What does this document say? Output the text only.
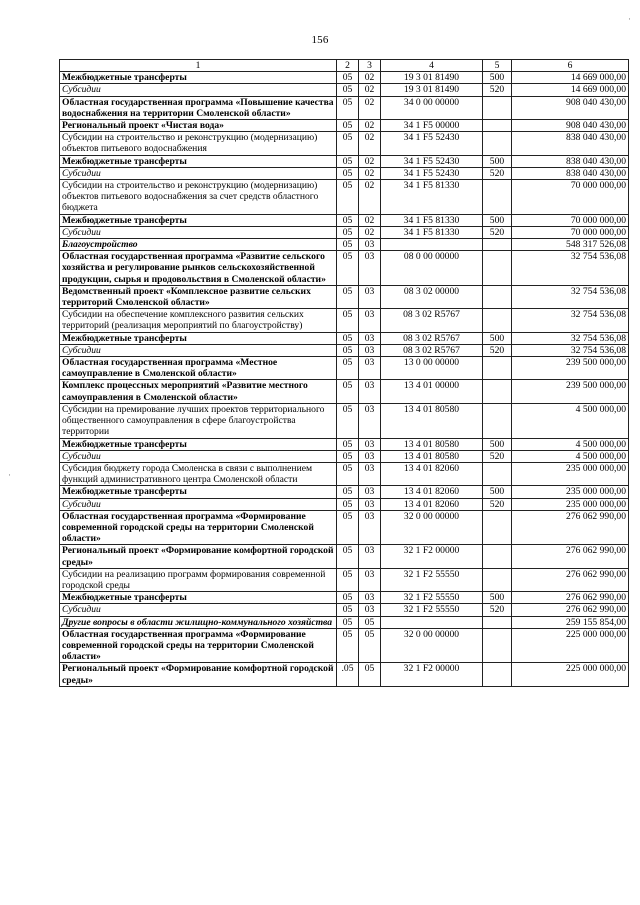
156
1	2	3	4	5	6
Межбюджетные трансферты	05	02	19 3 01 81490	500	14 669 000,00
Субсидии	05	02	19 3 01 81490	520	14 669 000,00
Областная государственная программа «Повышение качества водоснабжения на территории Смоленской области»	05	02	34 0 00 00000		908 040 430,00
Региональный проект «Чистая вода»	05	02	34 1 F5 00000		908 040 430,00
Субсидии на строительство и реконструкцию (модернизацию) объектов питьевого водоснабжения	05	02	34 1 F5 52430		838 040 430,00
Межбюджетные трансферты	05	02	34 1 F5 52430	500	838 040 430,00
Субсидии	05	02	34 1 F5 52430	520	838 040 430,00
Субсидии на строительство и реконструкцию (модернизацию) объектов питьевого водоснабжения за счет средств областного бюджета	05	02	34 1 F5 81330		70 000 000,00
Межбюджетные трансферты	05	02	34 1 F5 81330	500	70 000 000,00
Субсидии	05	02	34 1 F5 81330	520	70 000 000,00
Благоустройство	05	03			548 317 526,08
Областная государственная программа «Развитие сельского хозяйства и регулирование рынков сельскохозяйственной продукции, сырья и продовольствия в Смоленской области»	05	03	08 0 00 00000		32 754 536,08
Ведомственный проект «Комплексное развитие сельских территорий Смоленской области»	05	03	08 3 02 00000		32 754 536,08
Субсидии на обеспечение комплексного развития сельских территорий (реализация мероприятий по благоустройству)	05	03	08 3 02 R5767		32 754 536,08
Межбюджетные трансферты	05	03	08 3 02 R5767	500	32 754 536,08
Субсидии	05	03	08 3 02 R5767	520	32 754 536,08
Областная государственная программа «Местное самоуправление в Смоленской области»	05	03	13 0 00 00000		239 500 000,00
Комплекс процессных мероприятий «Развитие местного самоуправления в Смоленской области»	05	03	13 4 01 00000		239 500 000,00
Субсидии на премирование лучших проектов территориального общественного самоуправления в сфере благоустройства территории	05	03	13 4 01 80580		4 500 000,00
Межбюджетные трансферты	05	03	13 4 01 80580	500	4 500 000,00
Субсидии	05	03	13 4 01 80580	520	4 500 000,00
Субсидия бюджету города Смоленска в связи с выполнением функций административного центра Смоленской области	05	03	13 4 01 82060		235 000 000,00
Межбюджетные трансферты	05	03	13 4 01 82060	500	235 000 000,00
Субсидии	05	03	13 4 01 82060	520	235 000 000,00
Областная государственная программа «Формирование современной городской среды на территории Смоленской области»	05	03	32 0 00 00000		276 062 990,00
Региональный проект «Формирование комфортной городской среды»	05	03	32 1 F2 00000		276 062 990,00
Субсидии на реализацию программ формирования современной городской среды	05	03	32 1 F2 55550		276 062 990,00
Межбюджетные трансферты	05	03	32 1 F2 55550	500	276 062 990,00
Субсидии	05	03	32 1 F2 55550	520	276 062 990,00
Другие вопросы в области жилищно-коммунального хозяйства	05	05			259 155 854,00
Областная государственная программа «Формирование современной городской среды на территории Смоленской области»	05	05	32 0 00 00000		225 000 000,00
Региональный проект «Формирование комфортной городской среды»	.05	05	32 1 F2 00000		225 000 000,00
·
·
